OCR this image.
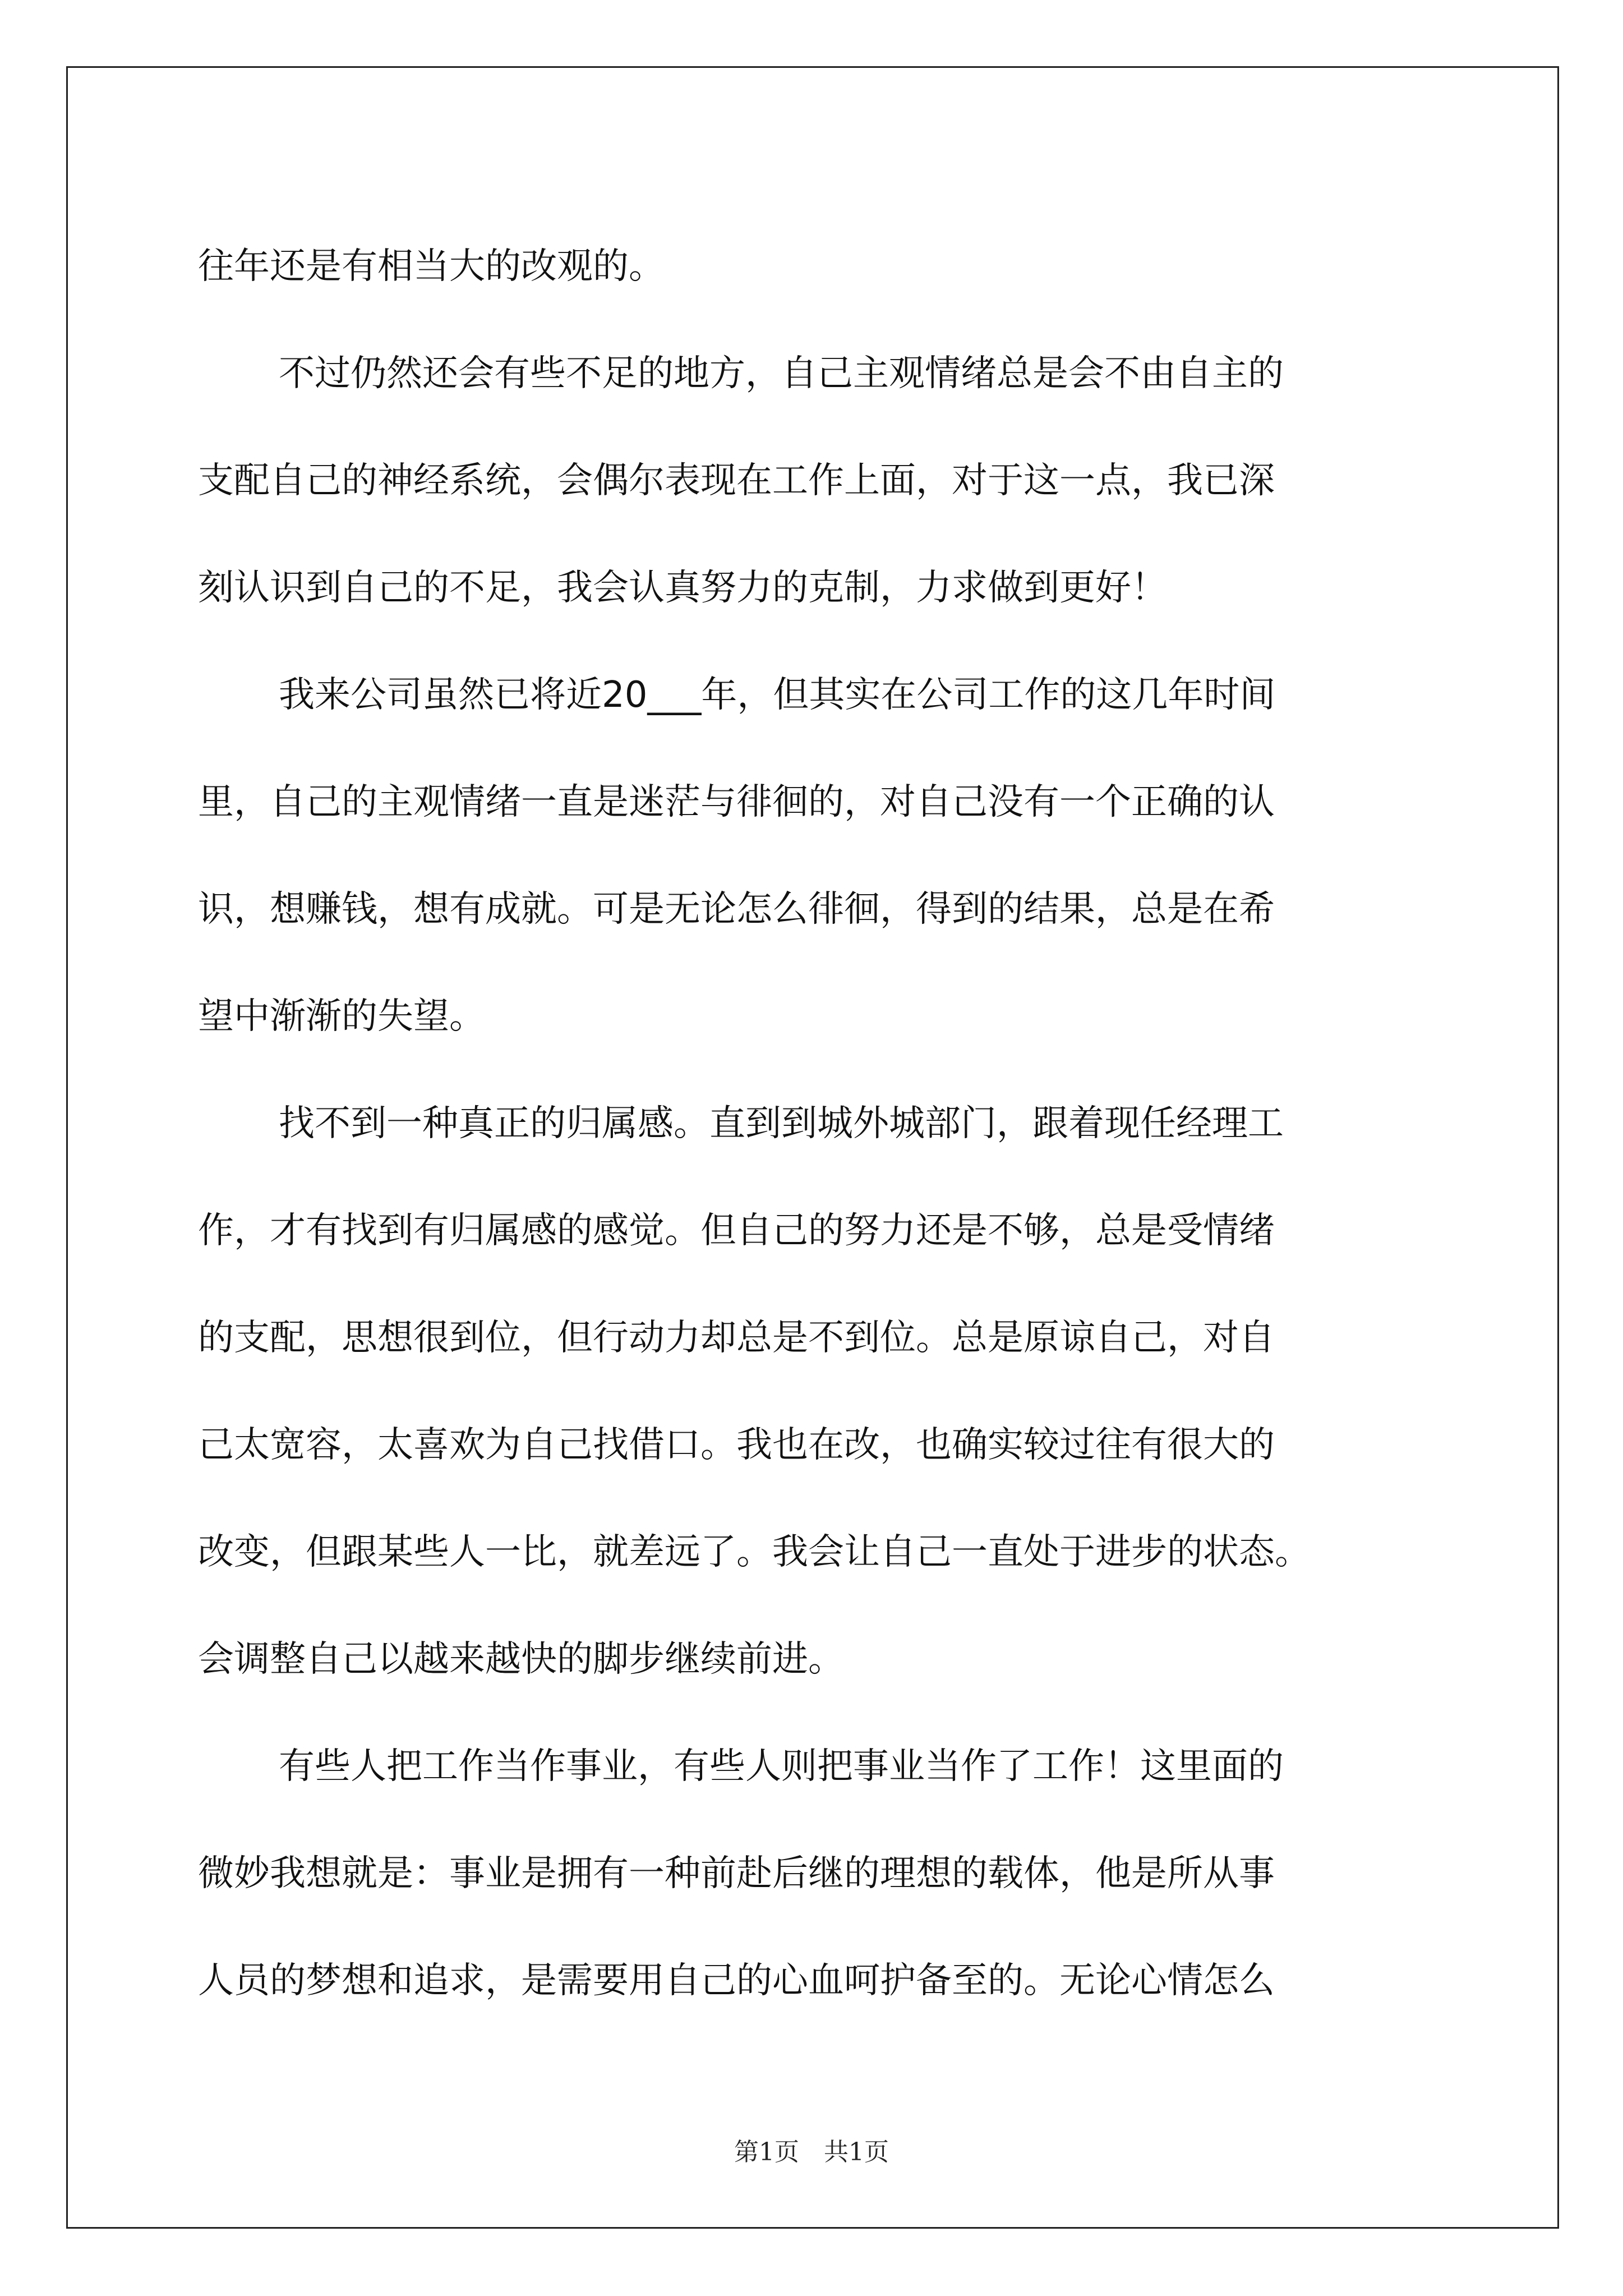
往年还是有相当大的改观的。
不过仍然还会有些不足的地方，自己主观情绪总是会不由自主的
支配自己的神经系统，会偶尔表现在工作上面，对于这一点，我已深
刻认识到自己的不足，我会认真努力的克制，力求做到更好！
我来公司虽然已将近20___年，但其实在公司工作的这几年时间
里，自己的主观情绪一直是迷茫与徘徊的，对自己没有一个正确的认
识，想赚钱，想有成就。可是无论怎么徘徊，得到的结果，总是在希
望中渐渐的失望。
找不到一种真正的归属感。直到到城外城部门，跟着现任经理工
作，才有找到有归属感的感觉。但自己的努力还是不够，总是受情绪
的支配，思想很到位，但行动力却总是不到位。总是原谅自己，对自
己太宽容，太喜欢为自己找借口。我也在改，也确实较过往有很大的
改变，但跟某些人一比，就差远了。我会让自己一直处于进步的状态。
会调整自己以越来越快的脚步继续前进。
有些人把工作当作事业，有些人则把事业当作了工作！这里面的
微妙我想就是：事业是拥有一种前赴后继的理想的载体，他是所从事
人员的梦想和追求，是需要用自己的心血呵护备至的。无论心情怎么
第1页　共1页
